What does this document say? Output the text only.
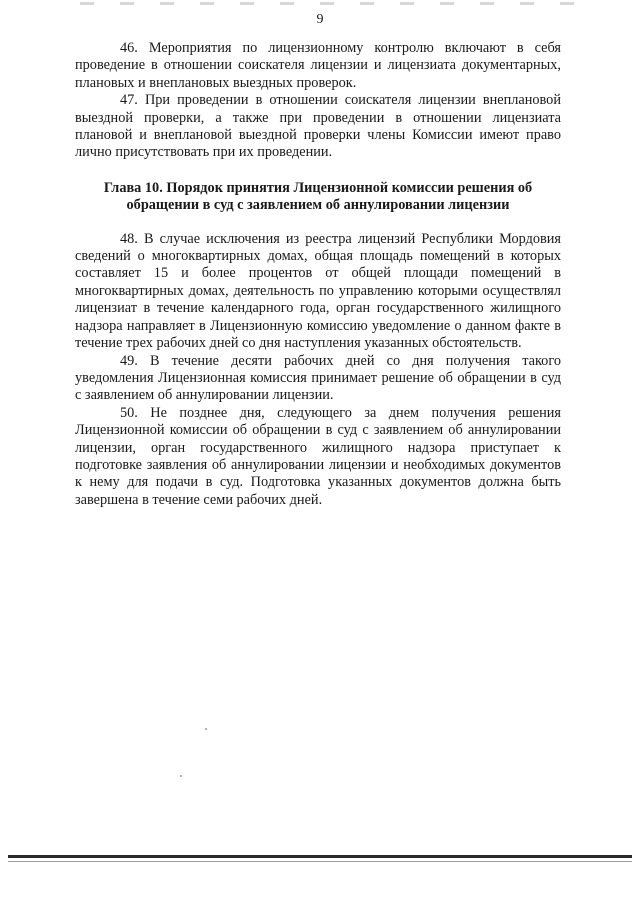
9

46. Мероприятия по лицензионному контролю включают в себя проведение в отношении соискателя лицензии и лицензиата документарных, плановых и внеплановых выездных проверок.

47. При проведении в отношении соискателя лицензии внеплановой выездной проверки, а также при проведении в отношении лицензиата плановой и внеплановой выездной проверки члены Комиссии имеют право лично присутствовать при их проведении.

Глава 10. Порядок принятия Лицензионной комиссии решения об обращении в суд с заявлением об аннулировании лицензии

48. В случае исключения из реестра лицензий Республики Мордовия сведений о многоквартирных домах, общая площадь помещений в которых составляет 15 и более процентов от общей площади помещений в многоквартирных домах, деятельность по управлению которыми осуществлял лицензиат в течение календарного года, орган государственного жилищного надзора направляет в Лицензионную комиссию уведомление о данном факте в течение трех рабочих дней со дня наступления указанных обстоятельств.

49. В течение десяти рабочих дней со дня получения такого уведомления Лицензионная комиссия принимает решение об обращении в суд с заявлением об аннулировании лицензии.

50. Не позднее дня, следующего за днем получения решения Лицензионной комиссии об обращении в суд с заявлением об аннулировании лицензии, орган государственного жилищного надзора приступает к подготовке заявления об аннулировании лицензии и необходимых документов к нему для подачи в суд. Подготовка указанных документов должна быть завершена в течение семи рабочих дней.
